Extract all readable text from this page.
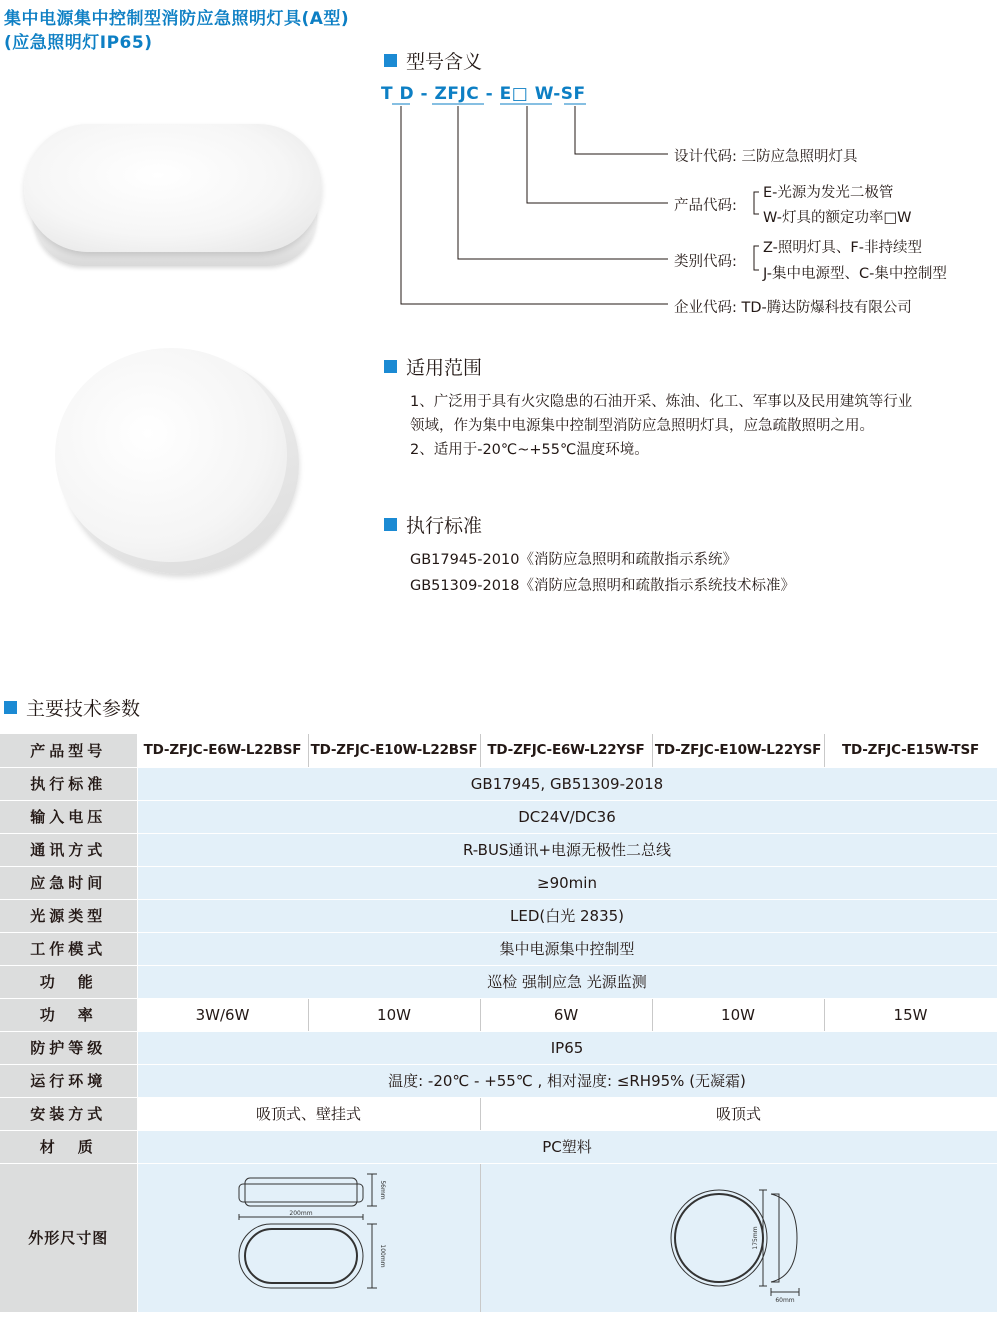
集中电源集中控制型消防应急照明灯具(A型)
(应急照明灯IP65)
型号含义
T D - ZFJC - E□ W-SF
设计代码: 三防应急照明灯具
产品代码:
E-光源为发光二极管
W-灯具的额定功率□W
类别代码:
Z-照明灯具、F-非持续型
J-集中电源型、C-集中控制型
企业代码: TD-腾达防爆科技有限公司
适用范围
1、广泛用于具有火灾隐患的石油开采、炼油、化工、军事以及民用建筑等行业
领域，作为集中电源集中控制型消防应急照明灯具，应急疏散照明之用。
2、适用于-20℃~+55℃温度环境。
执行标准
GB17945-2010《消防应急照明和疏散指示系统》
GB51309-2018《消防应急照明和疏散指示系统技术标准》
主要技术参数
产品型号	TD-ZFJC-E6W-L22BSF	TD-ZFJC-E10W-L22BSF	TD-ZFJC-E6W-L22YSF	TD-ZFJC-E10W-L22YSF	TD-ZFJC-E15W-TSF
执行标准	GB17945, GB51309-2018				
输入电压	DC24V/DC36				
通讯方式	R-BUS通讯+电源无极性二总线				
应急时间	≥90min				
光源类型	LED(白光 2835)				
工作模式	集中电源集中控制型				
功　能	巡检 强制应急 光源监测				
功　率	3W/6W	10W	6W	10W	15W
防护等级	IP65				
运行环境	温度: -20℃ - +55℃ , 相对湿度: ≤RH95% (无凝霜)				
安装方式	吸顶式、壁挂式		吸顶式		
材　质	PC塑料				
外形尺寸图	200mm
56mm
100mm		175mm
60mm		
